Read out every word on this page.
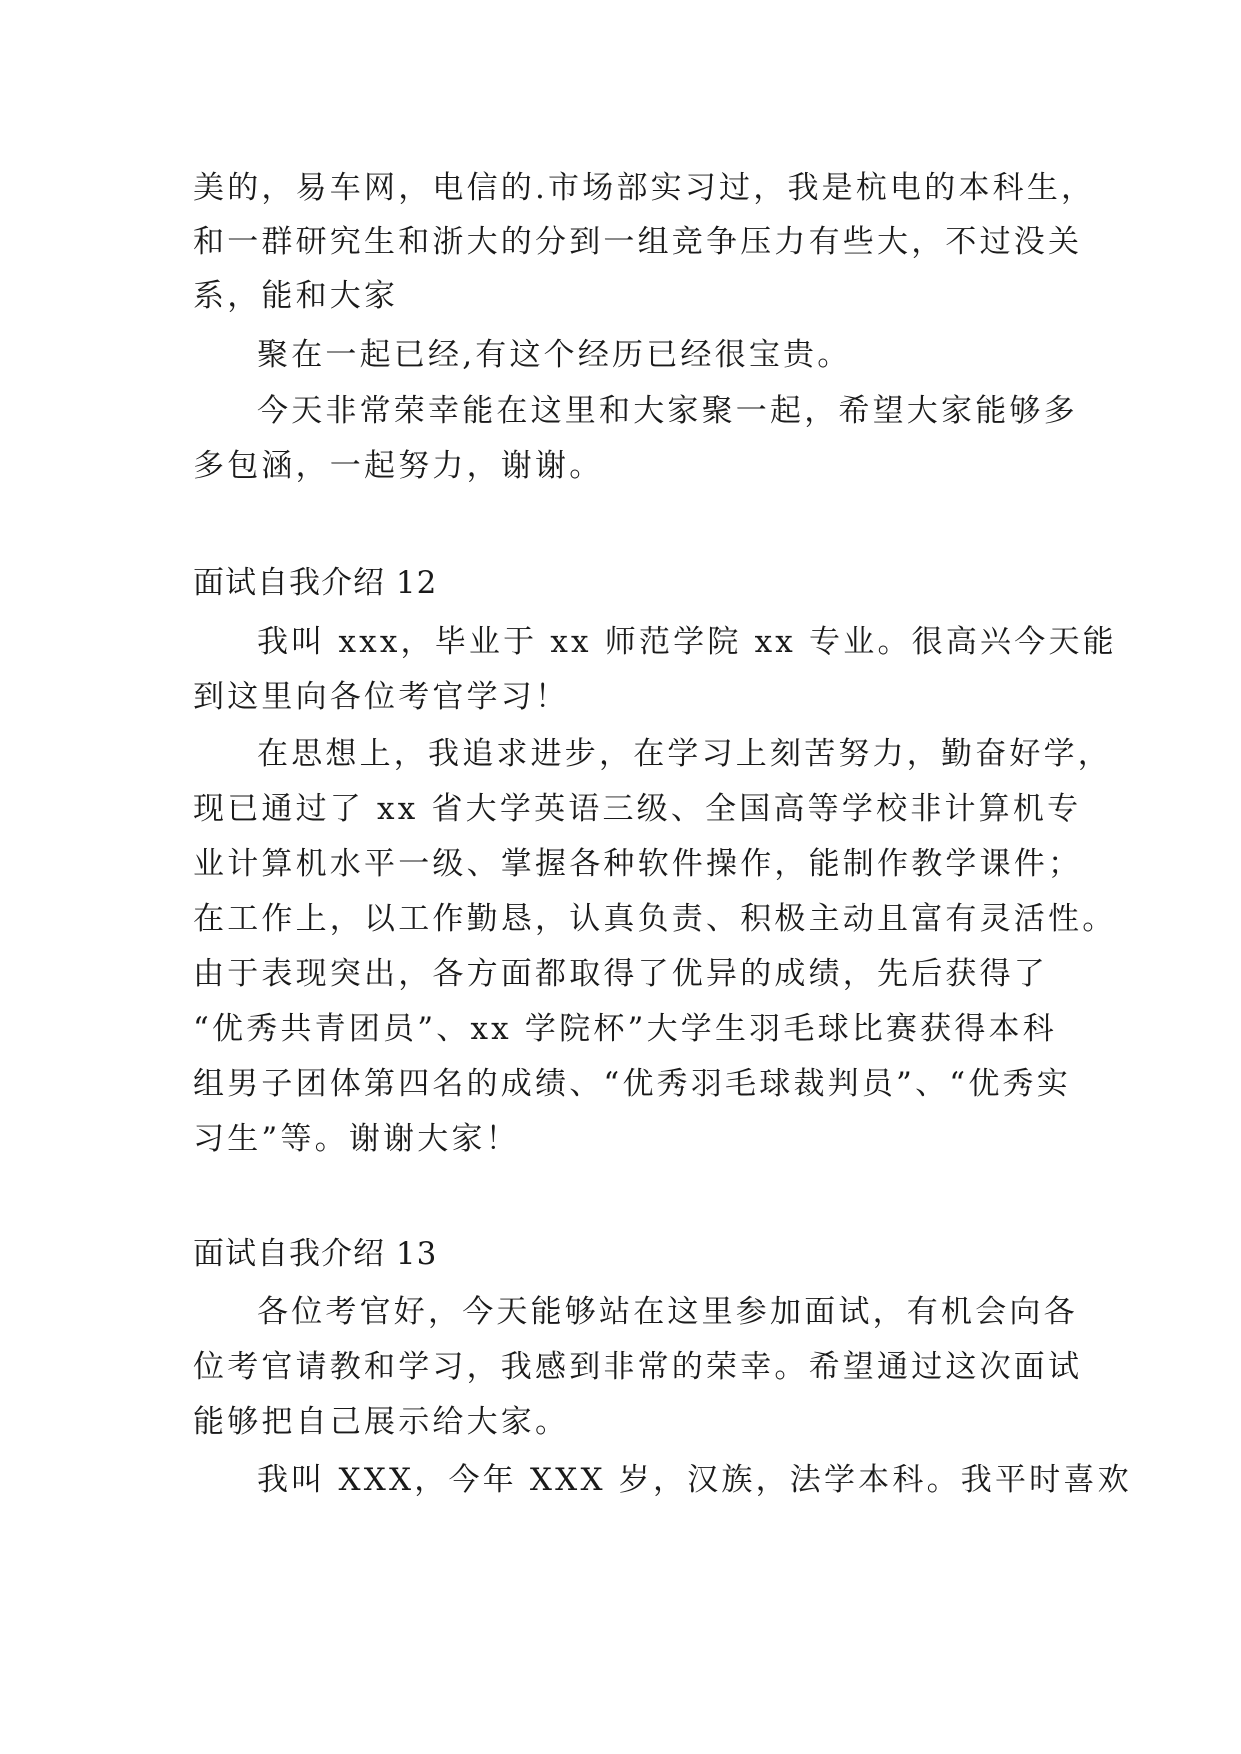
美的，易车网，电信的.市场部实习过，我是杭电的本科生，
和一群研究生和浙大的分到一组竞争压力有些大，不过没关
系，能和大家
聚在一起已经,有这个经历已经很宝贵。
今天非常荣幸能在这里和大家聚一起，希望大家能够多
多包涵，一起努力，谢谢。
面试自我介绍 12
我叫 xxx，毕业于 xx 师范学院 xx 专业。很高兴今天能
到这里向各位考官学习！
在思想上，我追求进步，在学习上刻苦努力，勤奋好学，
现已通过了 xx 省大学英语三级、全国高等学校非计算机专
业计算机水平一级、掌握各种软件操作，能制作教学课件；
在工作上，以工作勤恳，认真负责、积极主动且富有灵活性。
由于表现突出，各方面都取得了优异的成绩，先后获得了
“优秀共青团员”、xx 学院杯”大学生羽毛球比赛获得本科
组男子团体第四名的成绩、“优秀羽毛球裁判员”、“优秀实
习生”等。谢谢大家！
面试自我介绍 13
各位考官好，今天能够站在这里参加面试，有机会向各
位考官请教和学习，我感到非常的荣幸。希望通过这次面试
能够把自己展示给大家。
我叫 XXX，今年 XXX 岁，汉族，法学本科。我平时喜欢
